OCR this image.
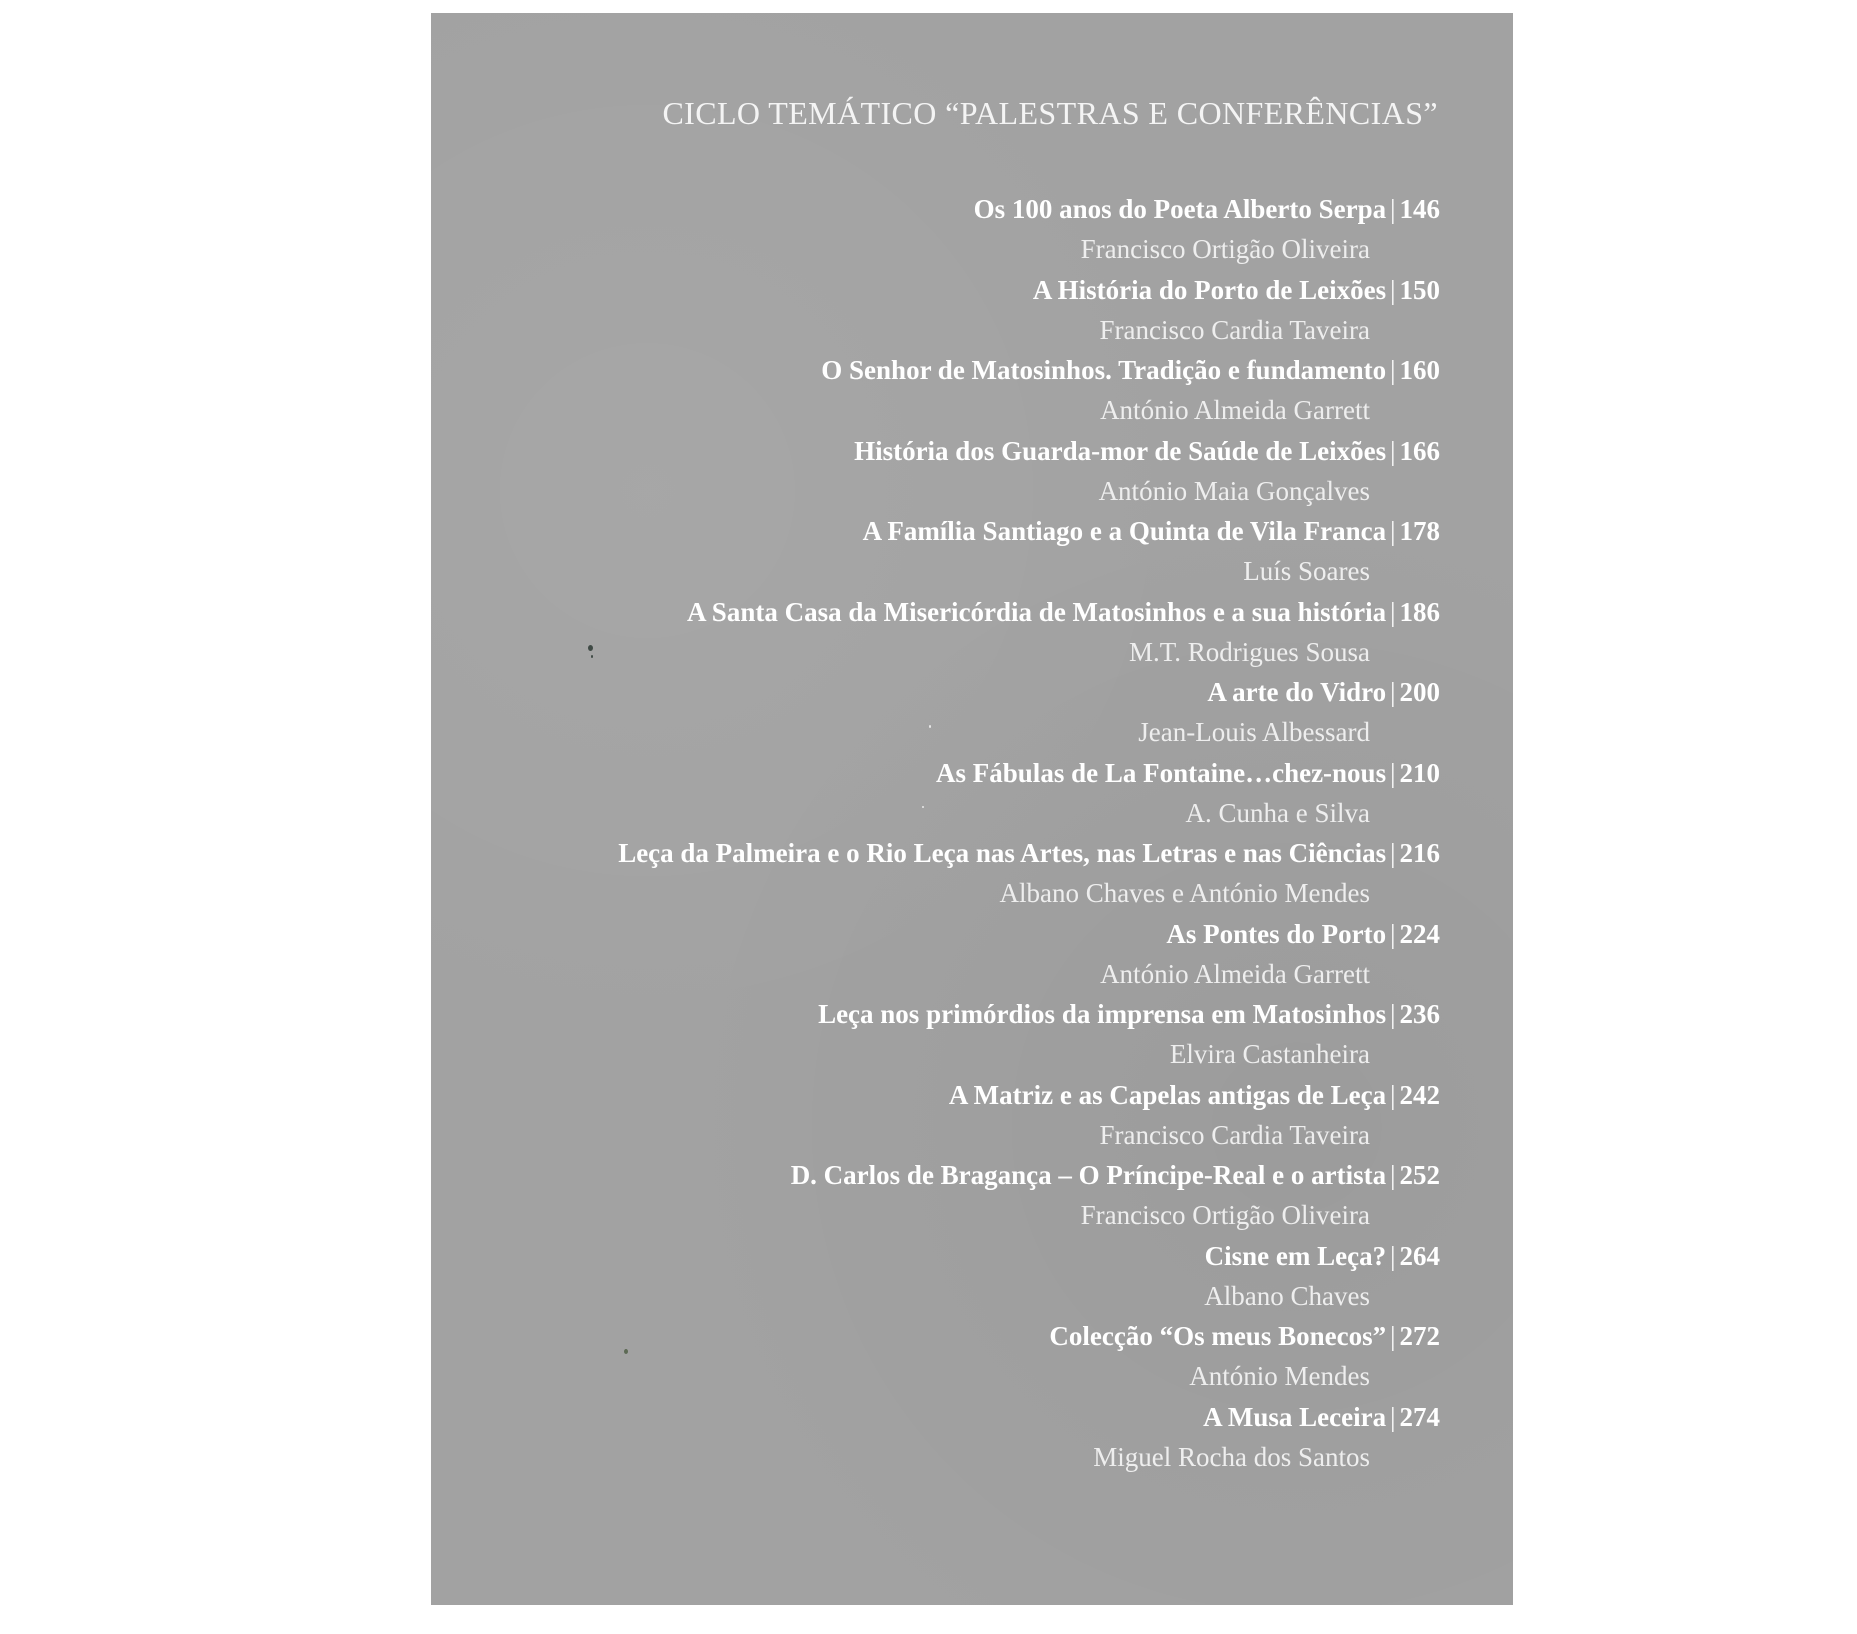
CICLO TEMÁTICO “PALESTRAS E CONFERÊNCIAS”
Os 100 anos do Poeta Alberto Serpa | 146
Francisco Ortigão Oliveira
A História do Porto de Leixões | 150
Francisco Cardia Taveira
O Senhor de Matosinhos. Tradição e fundamento | 160
António Almeida Garrett
História dos Guarda-mor de Saúde de Leixões | 166
António Maia Gonçalves
A Família Santiago e a Quinta de Vila Franca | 178
Luís Soares
A Santa Casa da Misericórdia de Matosinhos e a sua história | 186
M.T. Rodrigues Sousa
A arte do Vidro | 200
Jean-Louis Albessard
As Fábulas de La Fontaine…chez-nous | 210
A. Cunha e Silva
Leça da Palmeira e o Rio Leça nas Artes, nas Letras e nas Ciências | 216
Albano Chaves e António Mendes
As Pontes do Porto | 224
António Almeida Garrett
Leça nos primórdios da imprensa em Matosinhos | 236
Elvira Castanheira
A Matriz e as Capelas antigas de Leça | 242
Francisco Cardia Taveira
D. Carlos de Bragança – O Príncipe-Real e o artista | 252
Francisco Ortigão Oliveira
Cisne em Leça? | 264
Albano Chaves
Colecção “Os meus Bonecos” | 272
António Mendes
A Musa Leceira | 274
Miguel Rocha dos Santos
